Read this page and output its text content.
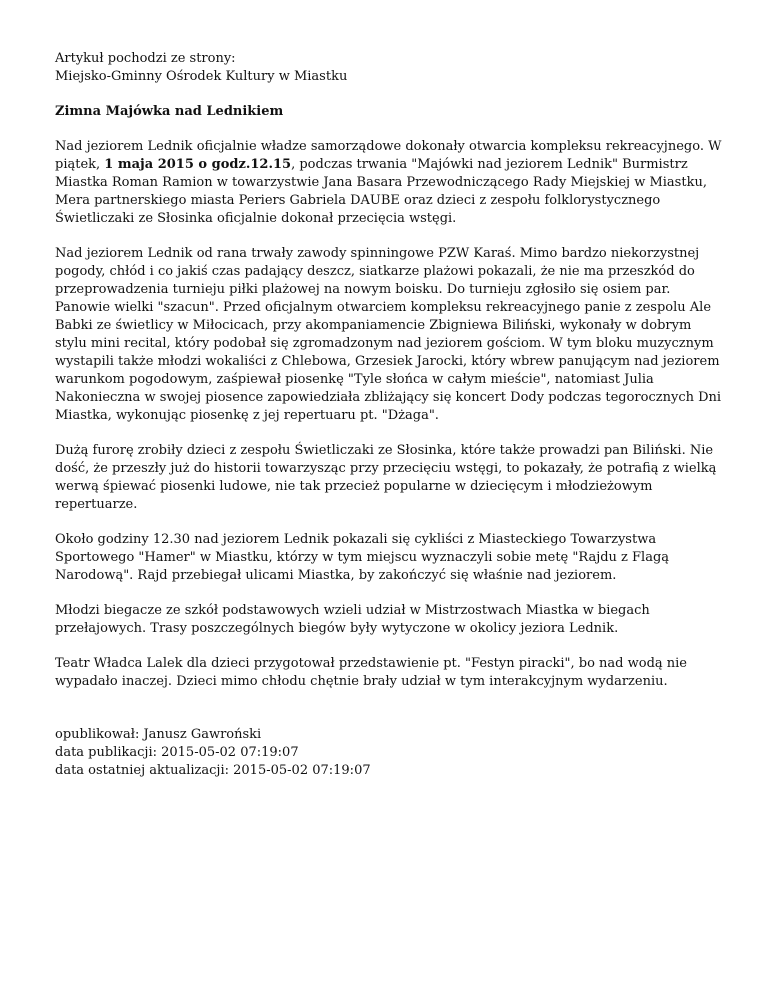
Artykuł pochodzi ze strony:
Miejsko-Gminny Ośrodek Kultury w Miastku
Zimna Majówka nad Lednikiem

Nad jeziorem Lednik oficjalnie władze samorządowe dokonały otwarcia kompleksu rekreacyjnego. W piątek, 1 maja 2015 o godz.12.15, podczas trwania "Majówki nad jeziorem Lednik" Burmistrz Miastka Roman Ramion w towarzystwie Jana Basara Przewodniczącego Rady Miejskiej w Miastku, Mera partnerskiego miasta Periers Gabriela DAUBE oraz dzieci z zespołu folklorystycznego Świetliczaki ze Słosinka oficjalnie dokonał przecięcia wstęgi.

Nad jeziorem Lednik od rana trwały zawody spinningowe PZW Karaś. Mimo bardzo niekorzystnej pogody, chłód i co jakiś czas padający deszcz, siatkarze plażowi pokazali, że nie ma przeszkód do przeprowadzenia turnieju piłki plażowej na nowym boisku. Do turnieju zgłosiło się osiem par. Panowie wielki "szacun". Przed oficjalnym otwarciem kompleksu rekreacyjnego panie z zespolu Ale Babki ze świetlicy w Miłocicach, przy akompaniamencie Zbigniewa Biliński, wykonały w dobrym stylu mini recital, który podobał się zgromadzonym nad jeziorem gościom. W tym bloku muzycznym wystapili także młodzi wokaliści z Chlebowa, Grzesiek Jarocki, który wbrew panującym nad jeziorem warunkom pogodowym, zaśpiewał piosenkę "Tyle słońca w całym mieście", natomiast Julia Nakonieczna w swojej piosence zapowiedziała zbliżający się koncert Dody podczas tegorocznych Dni Miastka, wykonując piosenkę z jej repertuaru pt. "Dżaga".

Dużą furorę zrobiły dzieci z zespołu Świetliczaki ze Słosinka, które także prowadzi pan Biliński. Nie dość, że przeszły już do historii towarzysząc przy przecięciu wstęgi, to pokazały, że potrafią z wielką werwą śpiewać piosenki ludowe, nie tak przecież popularne w dziecięcym i młodzieżowym repertuarze.

Około godziny 12.30 nad jeziorem Lednik pokazali się cykliści z Miasteckiego Towarzystwa Sportowego "Hamer" w Miastku, którzy w tym miejscu wyznaczyli sobie metę "Rajdu z Flagą Narodową". Rajd przebiegał ulicami Miastka, by zakończyć się właśnie nad jeziorem.

Młodzi biegacze ze szkół podstawowych wzieli udział w Mistrzostwach Miastka w biegach przełajowych. Trasy poszczególnych biegów były wytyczone w okolicy jeziora Lednik.

Teatr Władca Lalek dla dzieci przygotował przedstawienie pt. "Festyn piracki", bo nad wodą nie wypadało inaczej. Dzieci mimo chłodu chętnie brały udział w tym interakcyjnym wydarzeniu.

opublikował: Janusz Gawroński
data publikacji: 2015-05-02 07:19:07
data ostatniej aktualizacji: 2015-05-02 07:19:07
